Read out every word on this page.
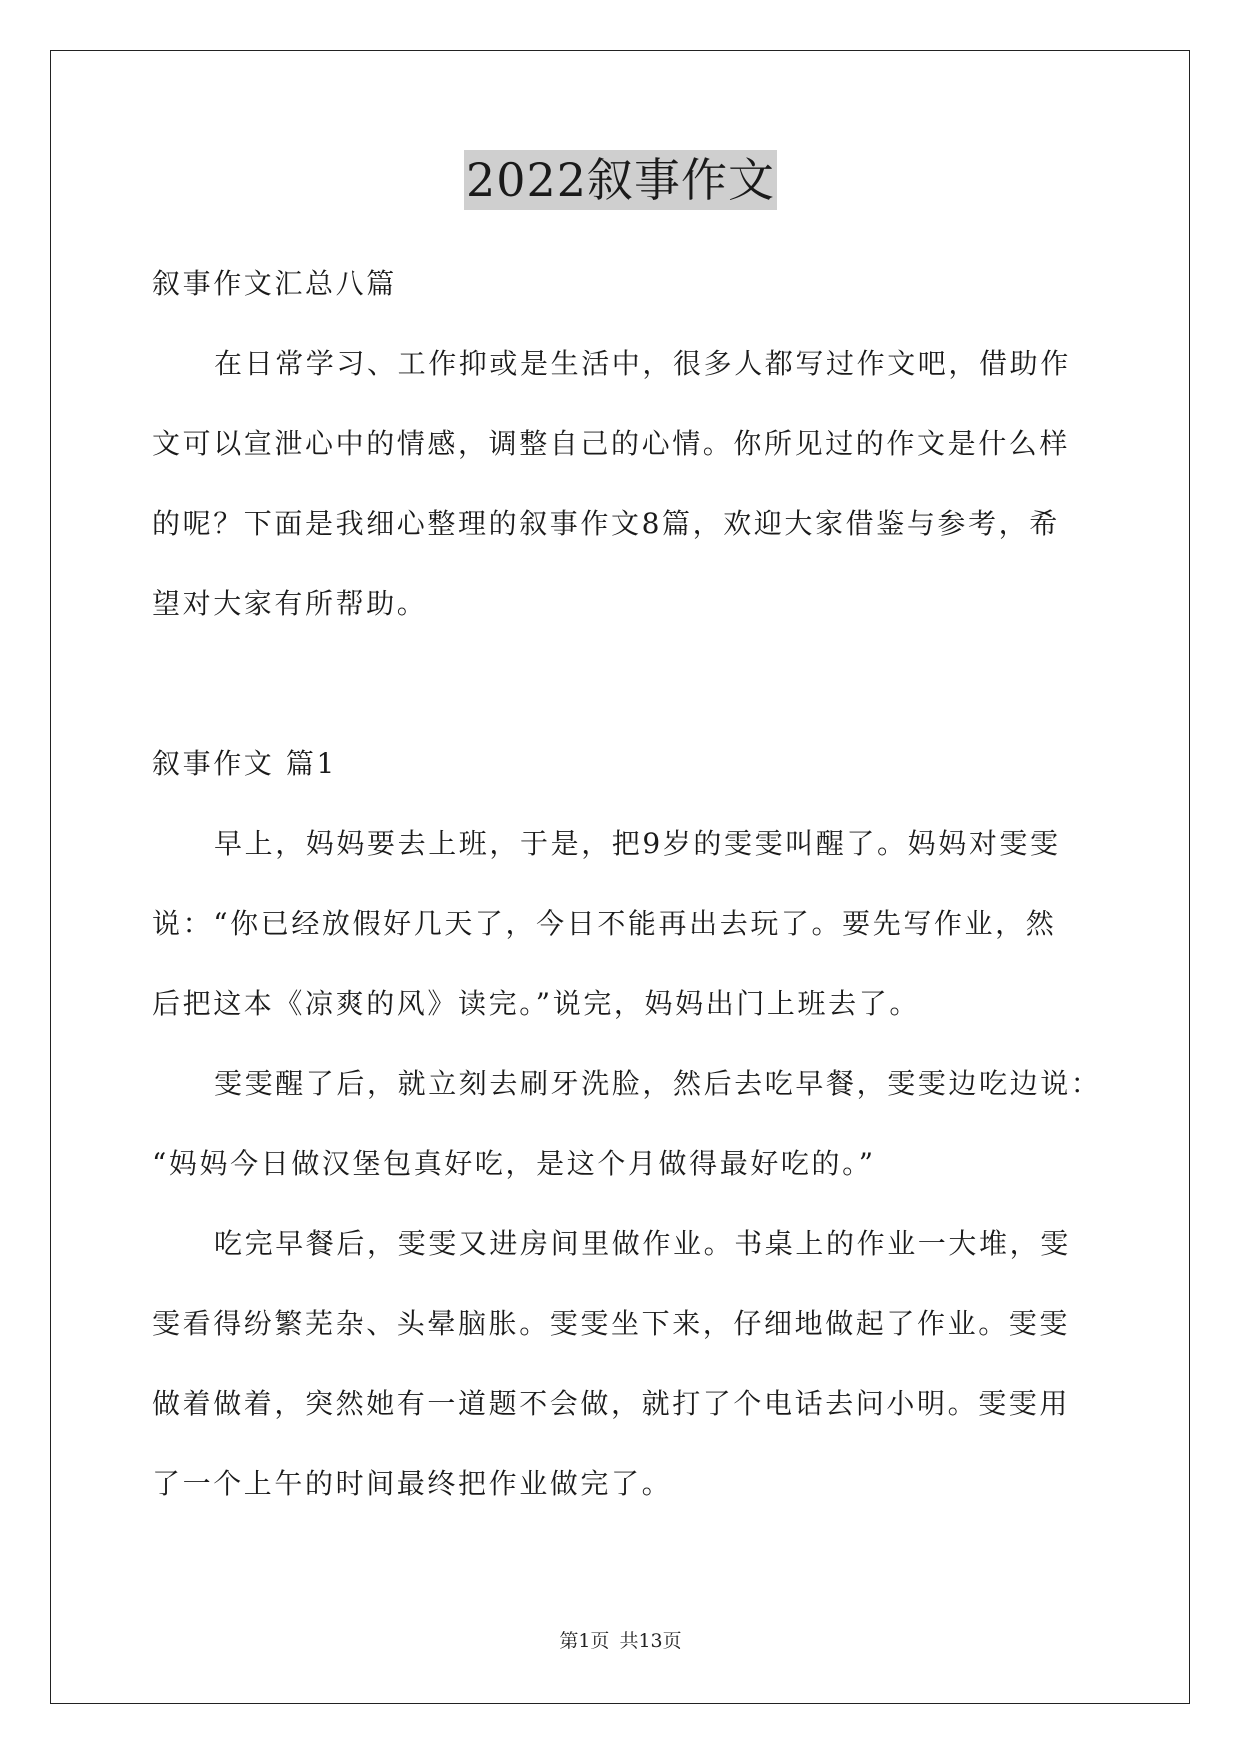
2022叙事作文
叙事作文汇总八篇
在日常学习、工作抑或是生活中，很多人都写过作文吧，借助作
文可以宣泄心中的情感，调整自己的心情。你所见过的作文是什么样
的呢？下面是我细心整理的叙事作文8篇，欢迎大家借鉴与参考，希
望对大家有所帮助。
叙事作文 篇1
早上，妈妈要去上班，于是，把9岁的雯雯叫醒了。妈妈对雯雯
说：“你已经放假好几天了，今日不能再出去玩了。要先写作业，然
后把这本《凉爽的风》读完。”说完，妈妈出门上班去了。
雯雯醒了后，就立刻去刷牙洗脸，然后去吃早餐，雯雯边吃边说：
“妈妈今日做汉堡包真好吃，是这个月做得最好吃的。”
吃完早餐后，雯雯又进房间里做作业。书桌上的作业一大堆，雯
雯看得纷繁芜杂、头晕脑胀。雯雯坐下来，仔细地做起了作业。雯雯
做着做着，突然她有一道题不会做，就打了个电话去问小明。雯雯用
了一个上午的时间最终把作业做完了。
第1页 共13页
